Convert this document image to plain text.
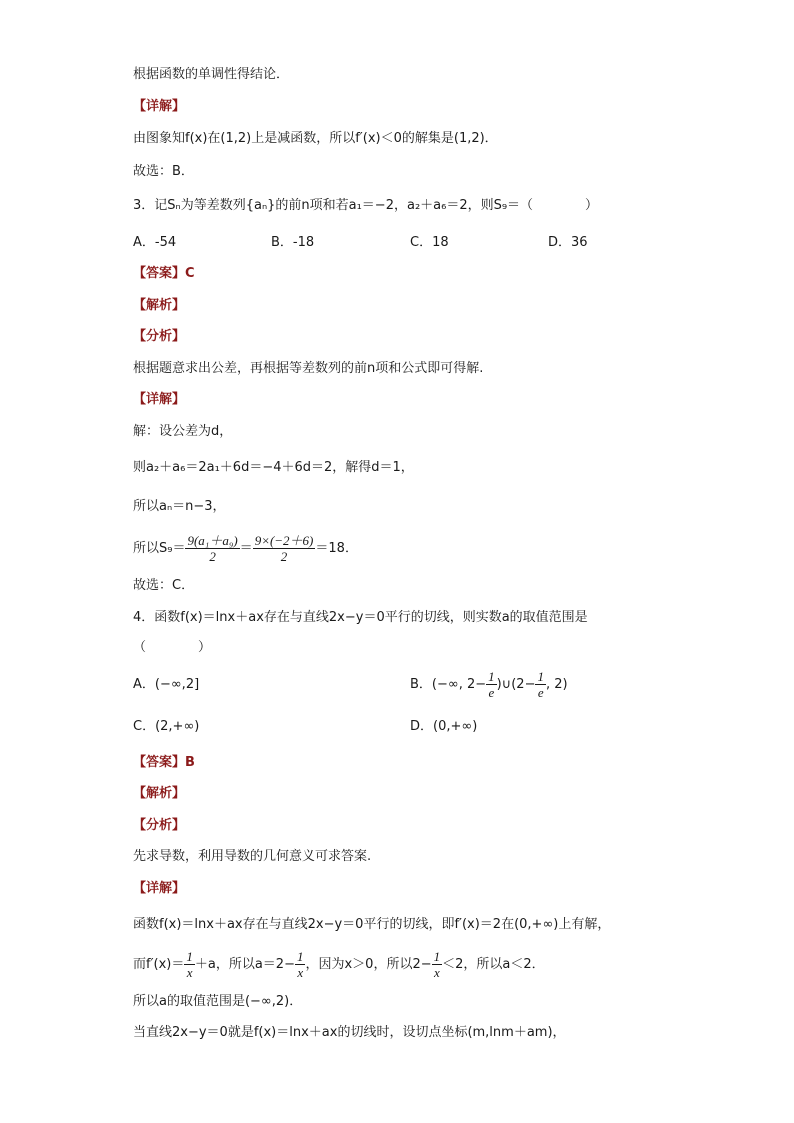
根据函数的单调性得结论．
【详解】
由图象知f(x)在(1,2)上是减函数，所以f′(x)＜0的解集是(1,2)．
故选：B．
3．记Sₙ为等差数列{aₙ}的前n项和若a₁＝−2，a₂＋a₆＝2，则S₉＝（　　　　）
A．-54	B．-18	C．18	D．36
【答案】C
【解析】
【分析】
根据题意求出公差，再根据等差数列的前n项和公式即可得解.
【详解】
解：设公差为d，
则a₂＋a₆＝2a₁＋6d＝−4＋6d＝2，解得d＝1，
所以aₙ＝n−3，
所以$S_9= \frac{\text{9(a₁＋a₉)}}{2} = \frac{9\times(-2+6)}{2} =18$．
故选：C．
4．函数f(x)＝lnx＋ax存在与直线2x−y＝0平行的切线，则实数a的取值范围是
（　　　　）
A．(−∞,2]	B．(−∞, $2- \frac{1}{e}$ )∪(2− $\frac{1}{e}$ , 2)
C．(2,+∞)	D．(0,+∞)
【答案】B
【解析】
【分析】
先求导数，利用导数的几何意义可求答案.
【详解】
函数f(x)＝lnx＋ax存在与直线2x−y＝0平行的切线，即f′(x)＝2在(0,+∞)上有解，
而$f'(x)= \frac{1}{x} +a$，所以$a=2- \frac{1}{x}$ ，因为x＞0，所以$2- \frac{1}{x} <2$，所以a＜2．
所以a的取值范围是(−∞,2)．
当直线2x−y＝0就是f(x)＝lnx＋ax的切线时，设切点坐标(m,lnm＋am)，
